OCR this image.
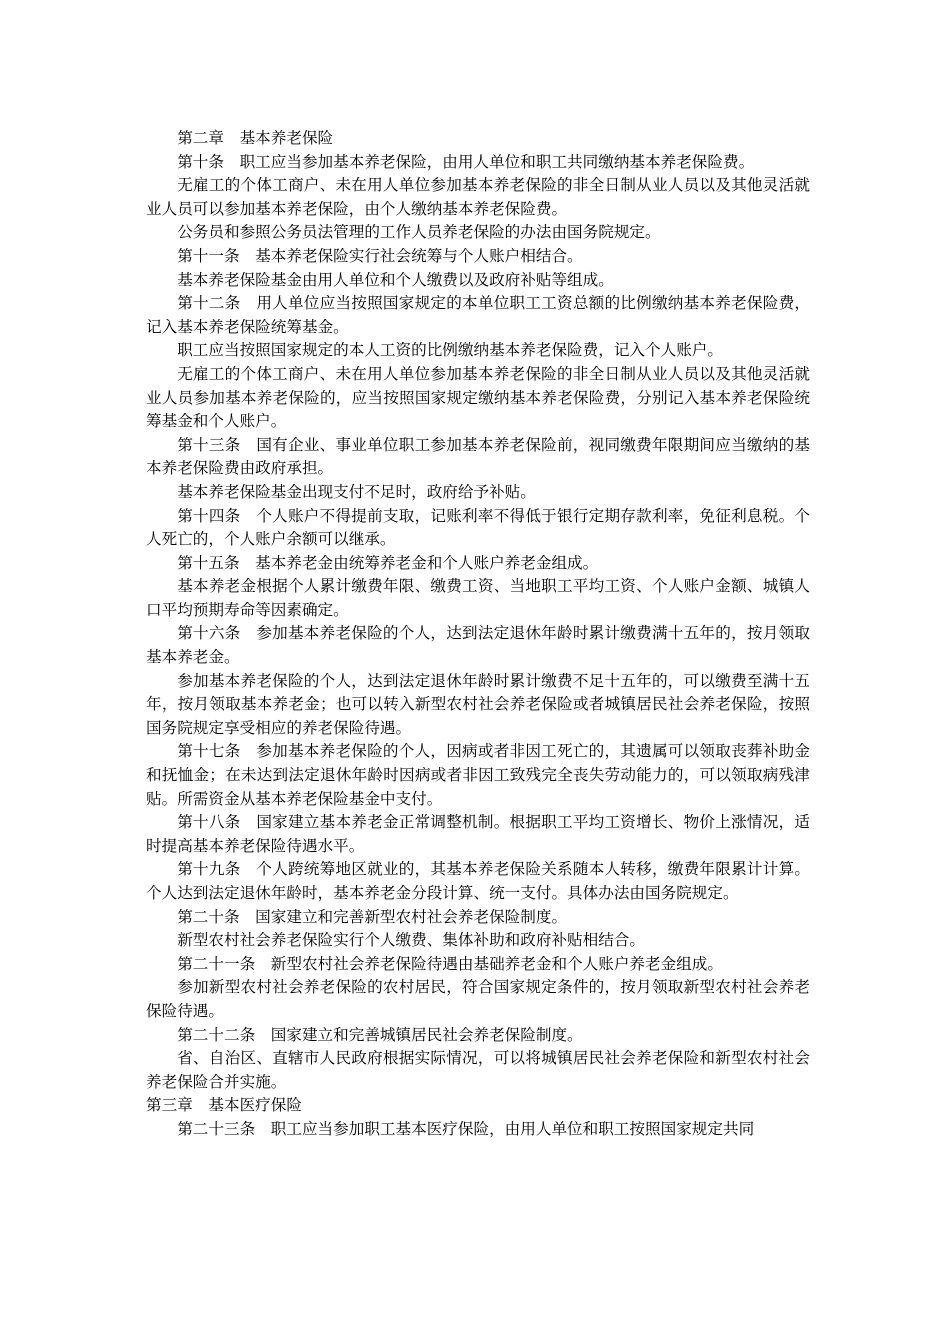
第二章　基本养老保险

第十条　职工应当参加基本养老保险，由用人单位和职工共同缴纳基本养老保险费。

无雇工的个体工商户、未在用人单位参加基本养老保险的非全日制从业人员以及其他灵活就业人员可以参加基本养老保险，由个人缴纳基本养老保险费。

公务员和参照公务员法管理的工作人员养老保险的办法由国务院规定。

第十一条　基本养老保险实行社会统筹与个人账户相结合。

基本养老保险基金由用人单位和个人缴费以及政府补贴等组成。

第十二条　用人单位应当按照国家规定的本单位职工工资总额的比例缴纳基本养老保险费，记入基本养老保险统筹基金。

职工应当按照国家规定的本人工资的比例缴纳基本养老保险费，记入个人账户。

无雇工的个体工商户、未在用人单位参加基本养老保险的非全日制从业人员以及其他灵活就业人员参加基本养老保险的，应当按照国家规定缴纳基本养老保险费，分别记入基本养老保险统筹基金和个人账户。

第十三条　国有企业、事业单位职工参加基本养老保险前，视同缴费年限期间应当缴纳的基本养老保险费由政府承担。

基本养老保险基金出现支付不足时，政府给予补贴。

第十四条　个人账户不得提前支取，记账利率不得低于银行定期存款利率，免征利息税。个人死亡的，个人账户余额可以继承。

第十五条　基本养老金由统筹养老金和个人账户养老金组成。

基本养老金根据个人累计缴费年限、缴费工资、当地职工平均工资、个人账户金额、城镇人口平均预期寿命等因素确定。

第十六条　参加基本养老保险的个人，达到法定退休年龄时累计缴费满十五年的，按月领取基本养老金。

参加基本养老保险的个人，达到法定退休年龄时累计缴费不足十五年的，可以缴费至满十五年，按月领取基本养老金；也可以转入新型农村社会养老保险或者城镇居民社会养老保险，按照国务院规定享受相应的养老保险待遇。

第十七条　参加基本养老保险的个人，因病或者非因工死亡的，其遗属可以领取丧葬补助金和抚恤金；在未达到法定退休年龄时因病或者非因工致残完全丧失劳动能力的，可以领取病残津贴。所需资金从基本养老保险基金中支付。

第十八条　国家建立基本养老金正常调整机制。根据职工平均工资增长、物价上涨情况，适时提高基本养老保险待遇水平。

第十九条　个人跨统筹地区就业的，其基本养老保险关系随本人转移，缴费年限累计计算。个人达到法定退休年龄时，基本养老金分段计算、统一支付。具体办法由国务院规定。

第二十条　国家建立和完善新型农村社会养老保险制度。

新型农村社会养老保险实行个人缴费、集体补助和政府补贴相结合。

第二十一条　新型农村社会养老保险待遇由基础养老金和个人账户养老金组成。

参加新型农村社会养老保险的农村居民，符合国家规定条件的，按月领取新型农村社会养老保险待遇。

第二十二条　国家建立和完善城镇居民社会养老保险制度。

省、自治区、直辖市人民政府根据实际情况，可以将城镇居民社会养老保险和新型农村社会养老保险合并实施。

第三章　基本医疗保险

第二十三条　职工应当参加职工基本医疗保险，由用人单位和职工按照国家规定共同
